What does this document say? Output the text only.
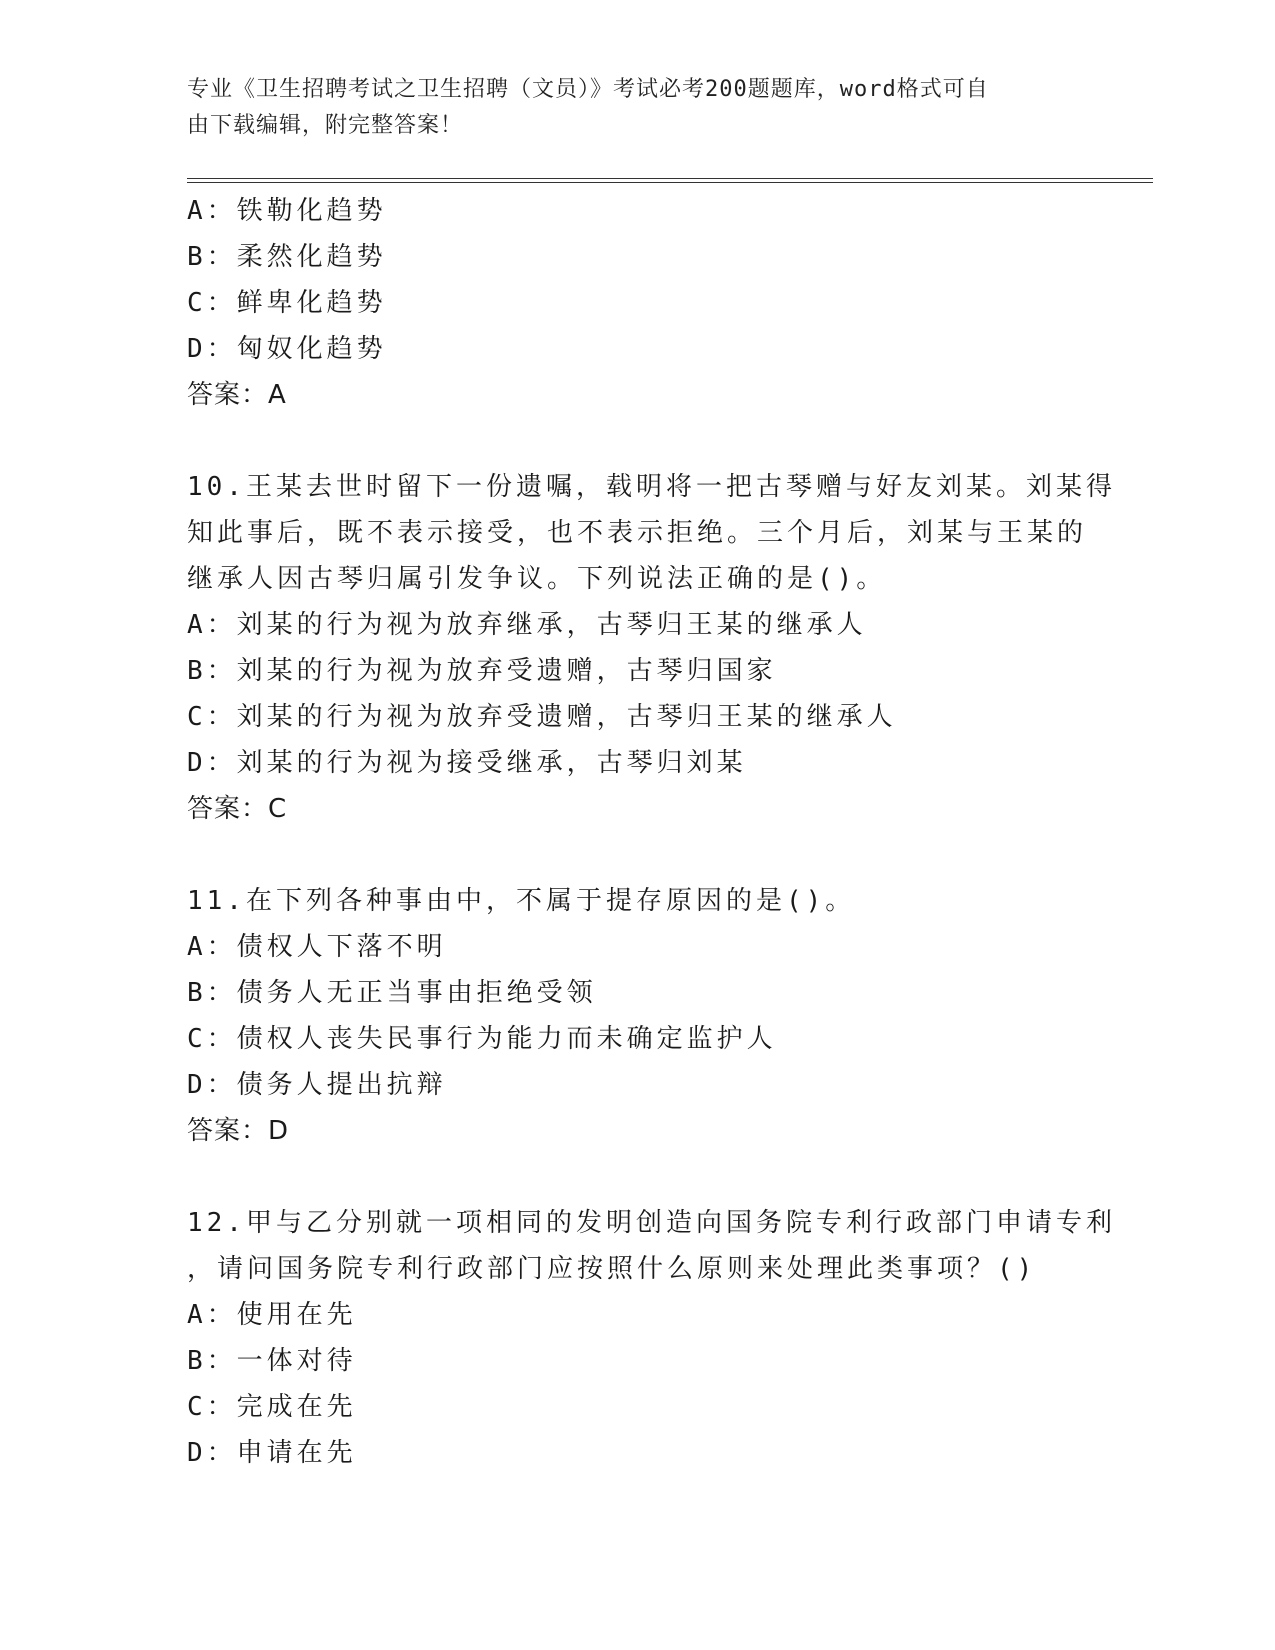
专业《卫生招聘考试之卫生招聘（文员）》考试必考200题题库，word格式可自
由下载编辑，附完整答案！
A：铁勒化趋势
B：柔然化趋势
C：鲜卑化趋势
D：匈奴化趋势
答案：A
10.王某去世时留下一份遗嘱，载明将一把古琴赠与好友刘某。刘某得
知此事后，既不表示接受，也不表示拒绝。三个月后，刘某与王某的
继承人因古琴归属引发争议。下列说法正确的是()。
A：刘某的行为视为放弃继承，古琴归王某的继承人
B：刘某的行为视为放弃受遗赠，古琴归国家
C：刘某的行为视为放弃受遗赠，古琴归王某的继承人
D：刘某的行为视为接受继承，古琴归刘某
答案：C
11.在下列各种事由中，不属于提存原因的是()。
A：债权人下落不明
B：债务人无正当事由拒绝受领
C：债权人丧失民事行为能力而未确定监护人
D：债务人提出抗辩
答案：D
12.甲与乙分别就一项相同的发明创造向国务院专利行政部门申请专利
，请问国务院专利行政部门应按照什么原则来处理此类事项？()
A：使用在先
B：一体对待
C：完成在先
D：申请在先
